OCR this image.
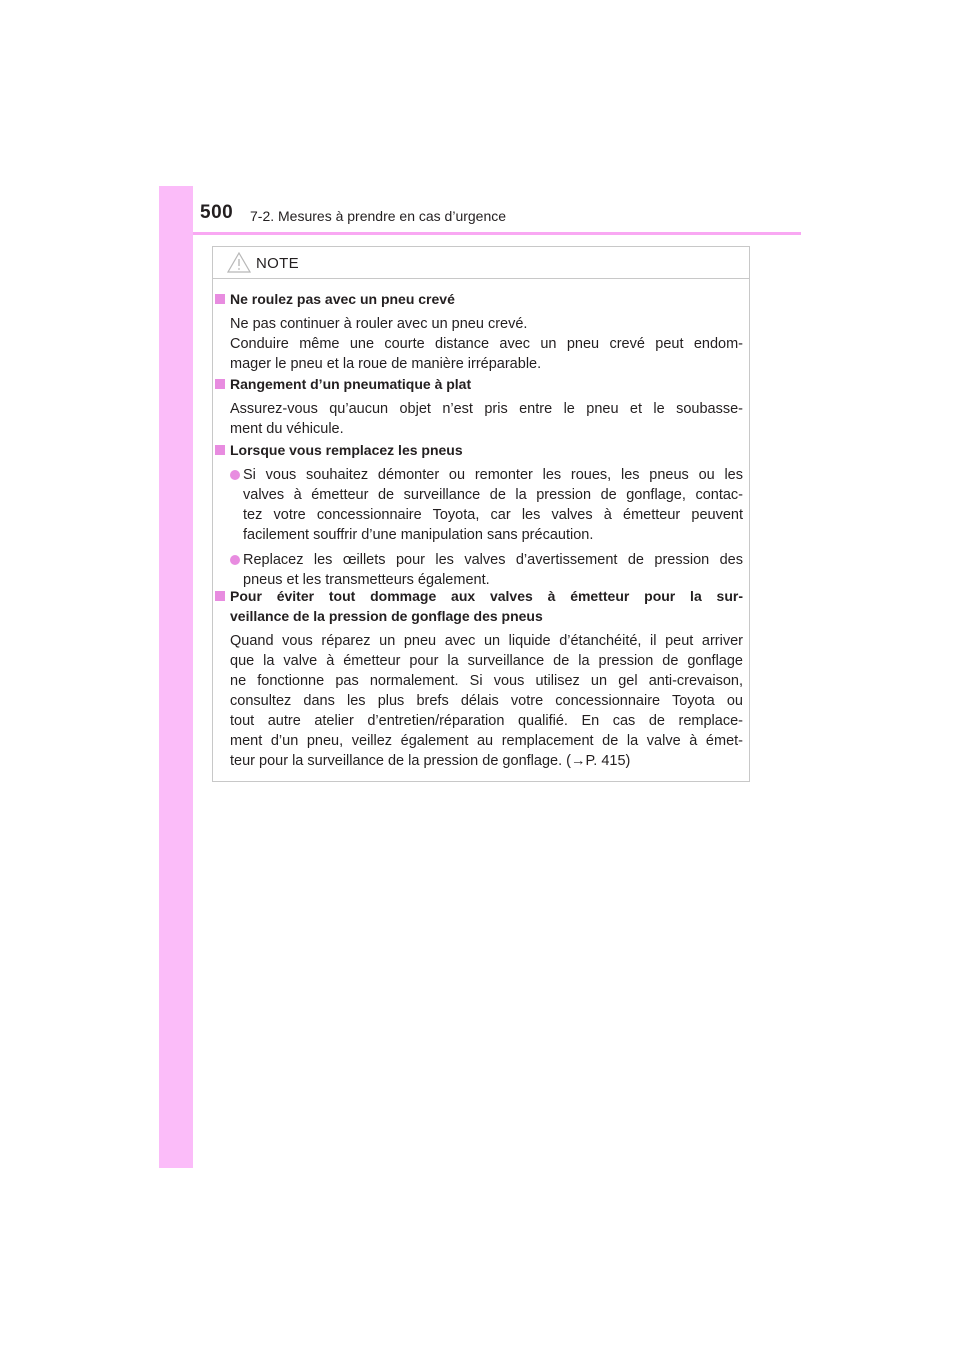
500 7-2. Mesures à prendre en cas d’urgence
NOTE
Ne roulez pas avec un pneu crevé
Ne pas continuer à rouler avec un pneu crevé.
Conduire même une courte distance avec un pneu crevé peut endom-
mager le pneu et la roue de manière irréparable.
Rangement d’un pneumatique à plat
Assurez-vous qu’aucun objet n’est pris entre le pneu et le soubasse-
ment du véhicule.
Lorsque vous remplacez les pneus
Si vous souhaitez démonter ou remonter les roues, les pneus ou les
valves à émetteur de surveillance de la pression de gonflage, contac-
tez votre concessionnaire Toyota, car les valves à émetteur peuvent
facilement souffrir d’une manipulation sans précaution.
Replacez les œillets pour les valves d’avertissement de pression des
pneus et les transmetteurs également.
Pour éviter tout dommage aux valves à émetteur pour la sur-
veillance de la pression de gonflage des pneus
Quand vous réparez un pneu avec un liquide d’étanchéité, il peut arriver
que la valve à émetteur pour la surveillance de la pression de gonflage
ne fonctionne pas normalement. Si vous utilisez un gel anti-crevaison,
consultez dans les plus brefs délais votre concessionnaire Toyota ou
tout autre atelier d’entretien/réparation qualifié. En cas de remplace-
ment d’un pneu, veillez également au remplacement de la valve à émet-
teur pour la surveillance de la pression de gonflage. (→P. 415)
